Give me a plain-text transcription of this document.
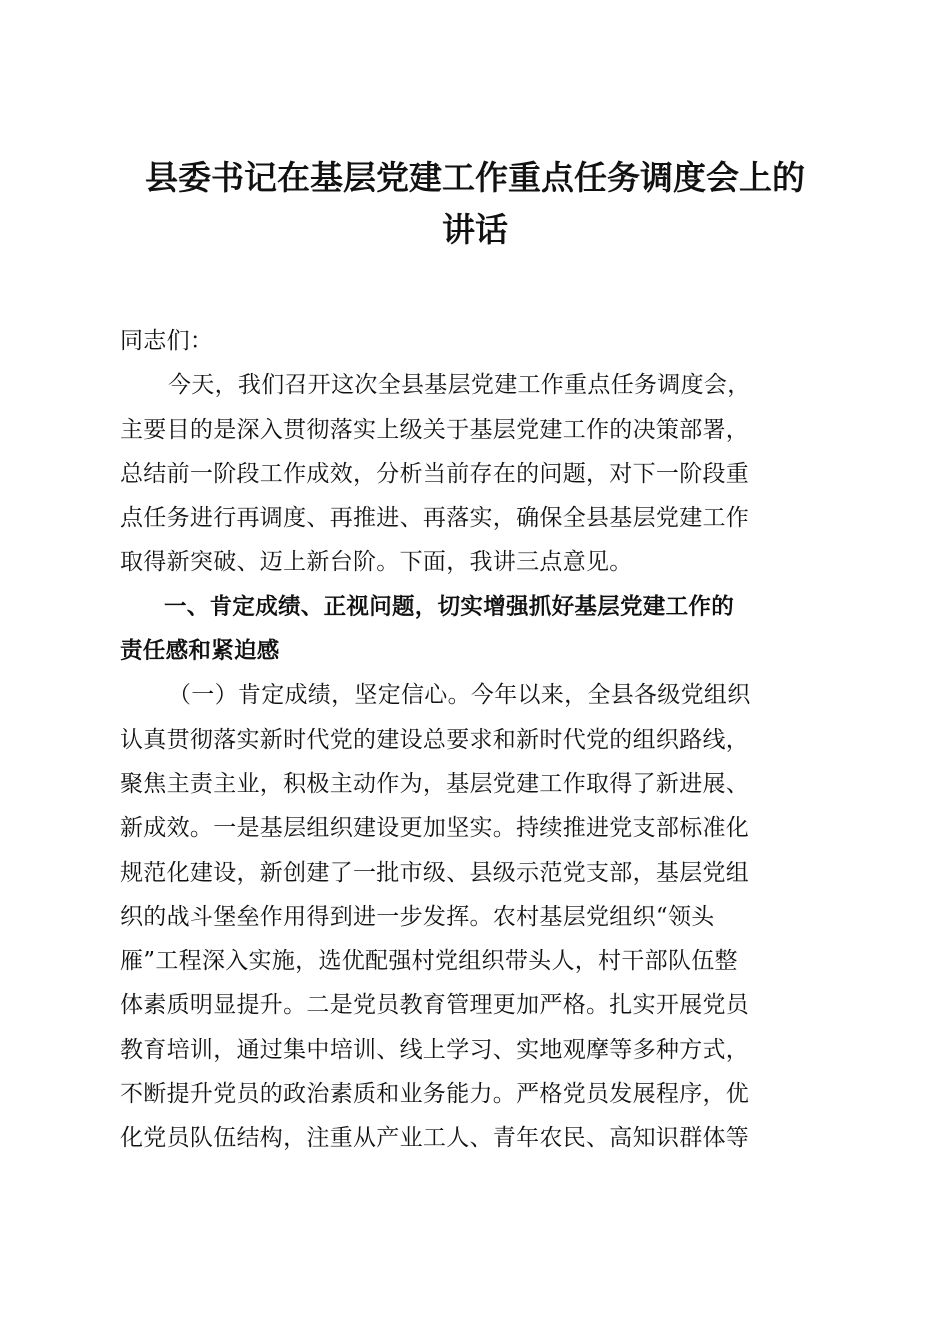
县委书记在基层党建工作重点任务调度会上的
讲话
同志们：
今天，我们召开这次全县基层党建工作重点任务调度会，
主要目的是深入贯彻落实上级关于基层党建工作的决策部署，
总结前一阶段工作成效，分析当前存在的问题，对下一阶段重
点任务进行再调度、再推进、再落实，确保全县基层党建工作
取得新突破、迈上新台阶。下面，我讲三点意见。
一、肯定成绩、正视问题，切实增强抓好基层党建工作的
责任感和紧迫感
（一）肯定成绩，坚定信心。今年以来，全县各级党组织
认真贯彻落实新时代党的建设总要求和新时代党的组织路线，
聚焦主责主业，积极主动作为，基层党建工作取得了新进展、
新成效。一是基层组织建设更加坚实。持续推进党支部标准化
规范化建设，新创建了一批市级、县级示范党支部，基层党组
织的战斗堡垒作用得到进一步发挥。农村基层党组织“领头
雁”工程深入实施，选优配强村党组织带头人，村干部队伍整
体素质明显提升。二是党员教育管理更加严格。扎实开展党员
教育培训，通过集中培训、线上学习、实地观摩等多种方式，
不断提升党员的政治素质和业务能力。严格党员发展程序，优
化党员队伍结构，注重从产业工人、青年农民、高知识群体等
